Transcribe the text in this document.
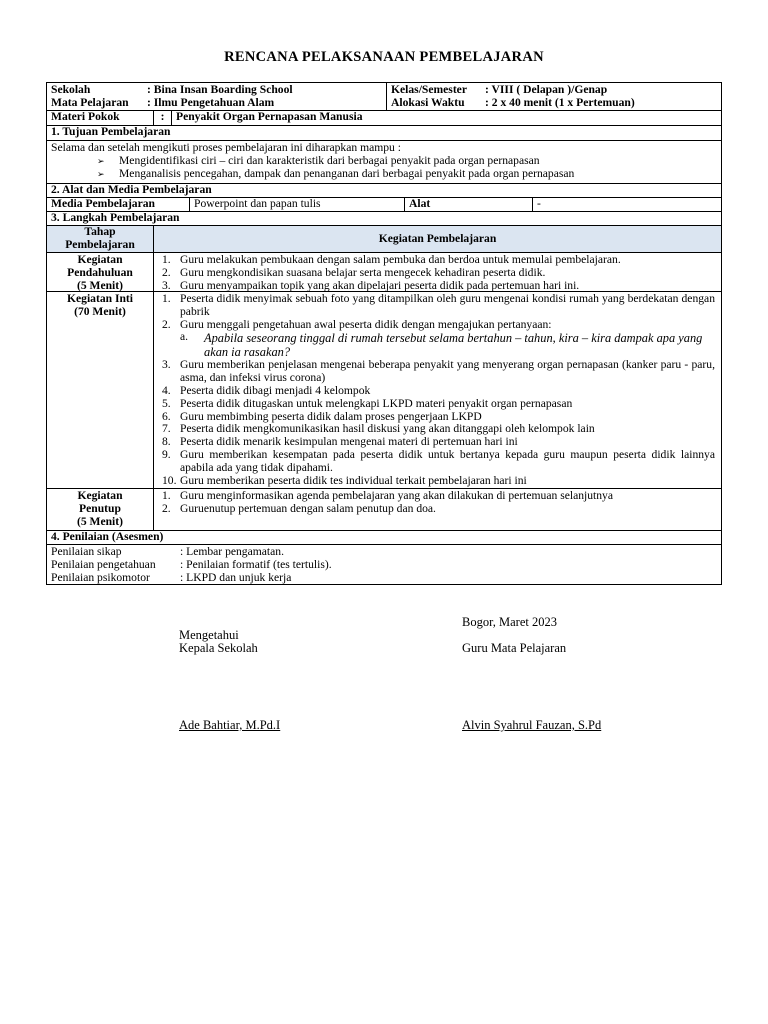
RENCANA PELAKSANAAN PEMBELAJARAN
Sekolah	: Bina Insan Boarding School
Mata Pelajaran : Ilmu Pengetahuan Alam
Kelas/Semester : VIII ( Delapan )/Genap
Alokasi Waktu : 2 x 40 menit (1 x Pertemuan)
Materi Pokok	: Penyakit Organ Pernapasan Manusia
1. Tujuan Pembelajaran
Selama dan setelah mengikuti proses pembelajaran ini diharapkan mampu :
➢	Mengidentifikasi ciri – ciri dan karakteristik dari berbagai penyakit pada organ pernapasan
➢	Menganalisis pencegahan, dampak dan penanganan dari berbagai penyakit pada organ pernapasan
2. Alat dan Media Pembelajaran
Media Pembelajaran	Powerpoint dan papan tulis	Alat	-
3. Langkah Pembelajaran
Tahap Pembelajaran	Kegiatan Pembelajaran
Kegiatan Pendahuluan
(5 Menit)
1. Guru melakukan pembukaan dengan salam pembuka dan berdoa untuk memulai pembelajaran.
2. Guru mengkondisikan suasana belajar serta mengecek kehadiran peserta didik.
3. Guru menyampaikan topik yang akan dipelajari peserta didik pada pertemuan hari ini.
Kegiatan Inti
(70 Menit)
1. Peserta didik menyimak sebuah foto yang ditampilkan oleh guru mengenai kondisi rumah yang berdekatan dengan pabrik
2. Guru menggali pengetahuan awal peserta didik dengan mengajukan pertanyaan:
a.	Apabila seseorang tinggal di rumah tersebut selama bertahun – tahun, kira – kira dampak apa yang akan ia rasakan?
3. Guru memberikan penjelasan mengenai beberapa penyakit yang menyerang organ pernapasan (kanker paru - paru, asma, dan infeksi virus corona)
4. Peserta didik dibagi menjadi 4 kelompok
5. Peserta didik ditugaskan untuk melengkapi LKPD materi penyakit organ pernapasan
6. Guru membimbing peserta didik dalam proses pengerjaan LKPD
7. Peserta didik mengkomunikasikan hasil diskusi yang akan ditanggapi oleh kelompok lain
8. Peserta didik menarik kesimpulan mengenai materi di pertemuan hari ini
9. Guru memberikan kesempatan pada peserta didik untuk bertanya kepada guru maupun peserta didik lainnya apabila ada yang tidak dipahami.
10. Guru memberikan peserta didik tes individual terkait pembelajaran hari ini
Kegiatan Penutup
(5 Menit)
1. Guru menginformasikan agenda pembelajaran yang akan dilakukan di pertemuan selanjutnya
2. Guruenutup pertemuan dengan salam penutup dan doa.
4. Penilaian (Asesmen)
Penilaian sikap	: Lembar pengamatan.
Penilaian pengetahuan : Penilaian formatif (tes tertulis).
Penilaian psikomotor	: LKPD dan unjuk kerja
Bogor, Maret 2023
Mengetahui
Kepala Sekolah	Guru Mata Pelajaran
Ade Bahtiar, M.Pd.I	Alvin Syahrul Fauzan, S.Pd
